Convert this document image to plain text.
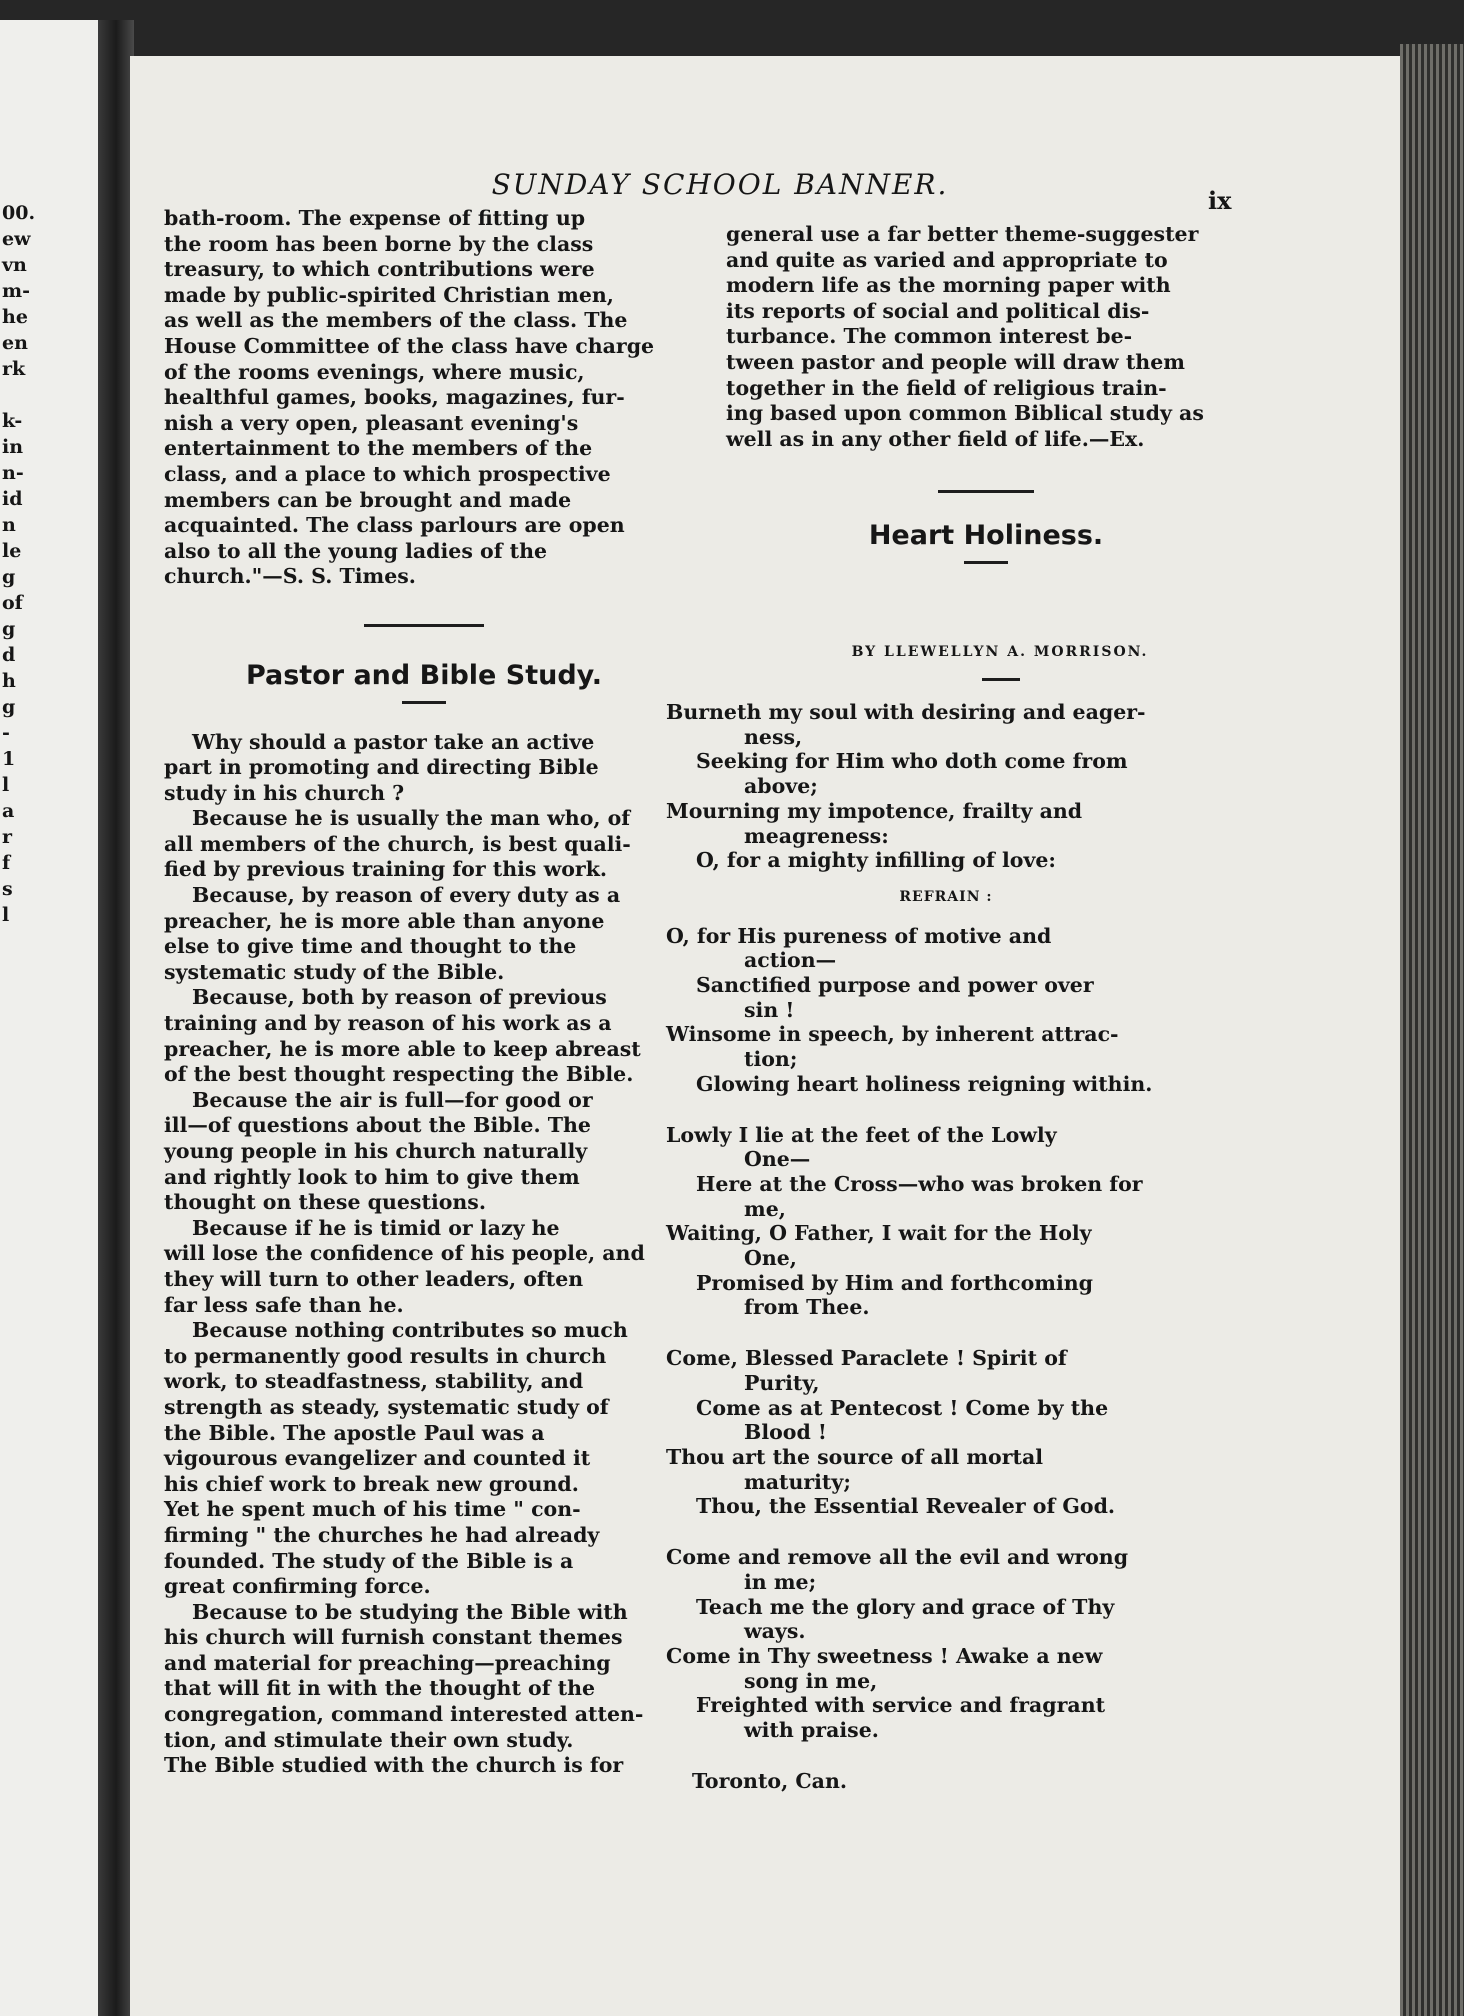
00.
ew
vn
m-
he
en
rk
k-
in
n-
id
n
le
g
of
g
d
h
g
-
1
l
a
r
f
s
l
SUNDAY SCHOOL BANNER.	ix
bath-room. The expense of fitting up
the room has been borne by the class
treasury, to which contributions were
made by public-spirited Christian men,
as well as the members of the class. The
House Committee of the class have charge
of the rooms evenings, where music,
healthful games, books, magazines, fur-
nish a very open, pleasant evening's
entertainment to the members of the
class, and a place to which prospective
members can be brought and made
acquainted. The class parlours are open
also to all the young ladies of the
church."—S. S. Times.
Pastor and Bible Study.
Why should a pastor take an active
part in promoting and directing Bible
study in his church ?
Because he is usually the man who, of
all members of the church, is best quali-
fied by previous training for this work.
Because, by reason of every duty as a
preacher, he is more able than anyone
else to give time and thought to the
systematic study of the Bible.
Because, both by reason of previous
training and by reason of his work as a
preacher, he is more able to keep abreast
of the best thought respecting the Bible.
Because the air is full—for good or
ill—of questions about the Bible. The
young people in his church naturally
and rightly look to him to give them
thought on these questions.
Because if he is timid or lazy he
will lose the confidence of his people, and
they will turn to other leaders, often
far less safe than he.
Because nothing contributes so much
to permanently good results in church
work, to steadfastness, stability, and
strength as steady, systematic study of
the Bible. The apostle Paul was a
vigourous evangelizer and counted it
his chief work to break new ground.
Yet he spent much of his time " con-
firming " the churches he had already
founded. The study of the Bible is a
great confirming force.
Because to be studying the Bible with
his church will furnish constant themes
and material for preaching—preaching
that will fit in with the thought of the
congregation, command interested atten-
tion, and stimulate their own study.
The Bible studied with the church is for
general use a far better theme-suggester
and quite as varied and appropriate to
modern life as the morning paper with
its reports of social and political dis-
turbance. The common interest be-
tween pastor and people will draw them
together in the field of religious train-
ing based upon common Biblical study as
well as in any other field of life.—Ex.
Heart Holiness.
BY LLEWELLYN A. MORRISON.
Burneth my soul with desiring and eager-
ness,
Seeking for Him who doth come from
above;
Mourning my impotence, frailty and
meagreness:
O, for a mighty infilling of love:
REFRAIN :
O, for His pureness of motive and
action—
Sanctified purpose and power over
sin !
Winsome in speech, by inherent attrac-
tion;
Glowing heart holiness reigning within.
Lowly I lie at the feet of the Lowly
One—
Here at the Cross—who was broken for
me,
Waiting, O Father, I wait for the Holy
One,
Promised by Him and forthcoming
from Thee.
Come, Blessed Paraclete ! Spirit of
Purity,
Come as at Pentecost ! Come by the
Blood !
Thou art the source of all mortal
maturity;
Thou, the Essential Revealer of God.
Come and remove all the evil and wrong
in me;
Teach me the glory and grace of Thy
ways.
Come in Thy sweetness ! Awake a new
song in me,
Freighted with service and fragrant
with praise.
Toronto, Can.
